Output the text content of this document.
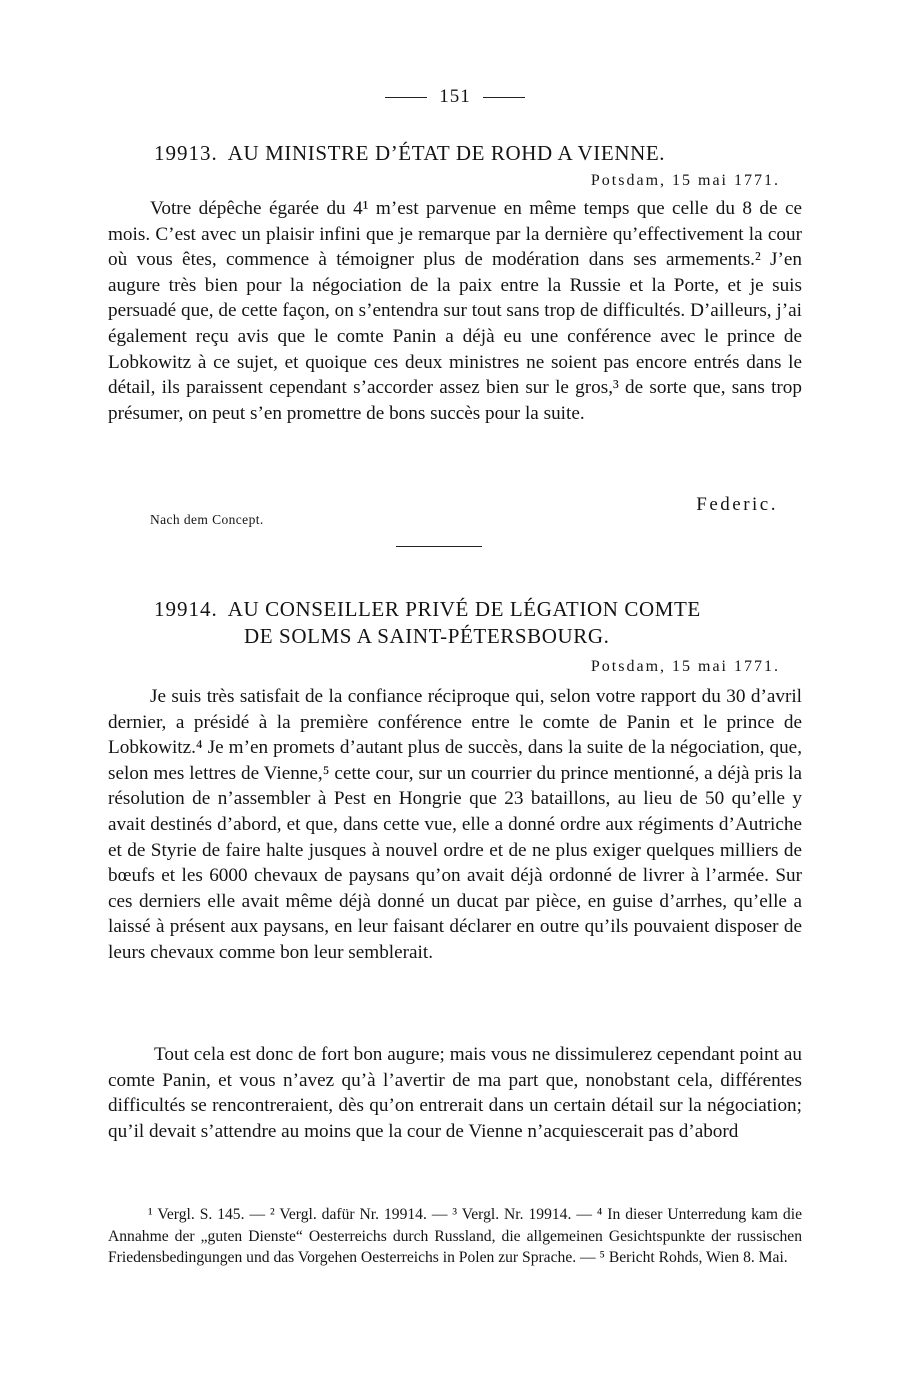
151
19913. AU MINISTRE D’ÉTAT DE ROHD A VIENNE.
Potsdam, 15 mai 1771.

Votre dépêche égarée du 4¹ m’est parvenue en même temps que celle du 8 de ce mois. C’est avec un plaisir infini que je remarque par la dernière qu’effectivement la cour où vous êtes, commence à témoigner plus de modération dans ses armements.² J’en augure très bien pour la négociation de la paix entre la Russie et la Porte, et je suis persuadé que, de cette façon, on s’entendra sur tout sans trop de difficultés. D’ailleurs, j’ai également reçu avis que le comte Panin a déjà eu une conférence avec le prince de Lobkowitz à ce sujet, et quoique ces deux ministres ne soient pas encore entrés dans le détail, ils paraissent cependant s’accorder assez bien sur le gros,³ de sorte que, sans trop présumer, on peut s’en promettre de bons succès pour la suite.

Federic.
Nach dem Concept.
19914. AU CONSEILLER PRIVÉ DE LÉGATION COMTE
DE SOLMS A SAINT-PÉTERSBOURG.
Potsdam, 15 mai 1771.

Je suis très satisfait de la confiance réciproque qui, selon votre rapport du 30 d’avril dernier, a présidé à la première conférence entre le comte de Panin et le prince de Lobkowitz.⁴ Je m’en promets d’autant plus de succès, dans la suite de la négociation, que, selon mes lettres de Vienne,⁵ cette cour, sur un courrier du prince mentionné, a déjà pris la résolution de n’assembler à Pest en Hongrie que 23 bataillons, au lieu de 50 qu’elle y avait destinés d’abord, et que, dans cette vue, elle a donné ordre aux régiments d’Autriche et de Styrie de faire halte jusques à nouvel ordre et de ne plus exiger quelques milliers de bœufs et les 6000 chevaux de paysans qu’on avait déjà ordonné de livrer à l’armée. Sur ces derniers elle avait même déjà donné un ducat par pièce, en guise d’arrhes, qu’elle a laissé à présent aux paysans, en leur faisant déclarer en outre qu’ils pouvaient disposer de leurs chevaux comme bon leur semblerait.

Tout cela est donc de fort bon augure; mais vous ne dissimulerez cependant point au comte Panin, et vous n’avez qu’à l’avertir de ma part que, nonobstant cela, différentes difficultés se rencontreraient, dès qu’on entrerait dans un certain détail sur la négociation; qu’il devait s’attendre au moins que la cour de Vienne n’acquiescerait pas d’abord

¹ Vergl. S. 145. — ² Vergl. dafür Nr. 19914. — ³ Vergl. Nr. 19914. — ⁴ In dieser Unterredung kam die Annahme der „guten Dienste“ Oesterreichs durch Russland, die allgemeinen Gesichtspunkte der russischen Friedensbedingungen und das Vorgehen Oesterreichs in Polen zur Sprache. — ⁵ Bericht Rohds, Wien 8. Mai.
